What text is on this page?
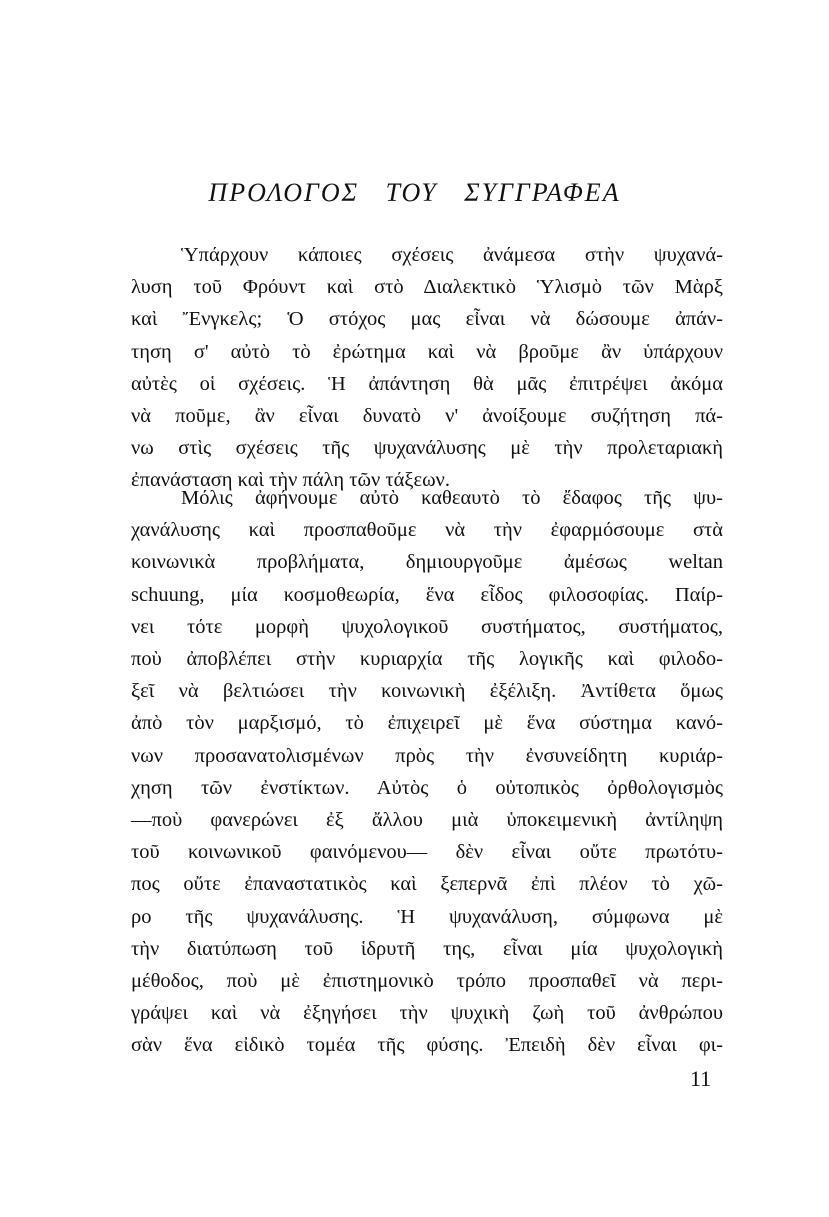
ΠΡΟΛΟΓΟΣ ΤΟΥ ΣΥΓΓΡΑΦΕΑ
Ὑπάρχουν κάποιες σχέσεις ἀνάμεσα στὴν ψυχανά-
λυση τοῦ Φρόυντ καὶ στὸ Διαλεκτικὸ Ὑλισμὸ τῶν Μὰρξ
καὶ Ἔνγκελς; Ὁ στόχος μας εἶναι νὰ δώσουμε ἀπάν-
τηση σ' αὐτὸ τὸ ἐρώτημα καὶ νὰ βροῦμε ἂν ὑπάρχουν
αὐτὲς οἱ σχέσεις. Ἡ ἀπάντηση θὰ μᾶς ἐπιτρέψει ἀκόμα
νὰ ποῦμε, ἂν εἶναι δυνατὸ ν' ἀνοίξουμε συζήτηση πά-
νω στὶς σχέσεις τῆς ψυχανάλυσης μὲ τὴν προλεταριακὴ
ἐπανάσταση καὶ τὴν πάλη τῶν τάξεων.
Μόλις ἀφήνουμε αὐτὸ καθεαυτὸ τὸ ἔδαφος τῆς ψυ-
χανάλυσης καὶ προσπαθοῦμε νὰ τὴν ἐφαρμόσουμε στὰ
κοινωνικὰ προβλήματα, δημιουργοῦμε ἀμέσως weltan
schuung, μία κοσμοθεωρία, ἕνα εἶδος φιλοσοφίας. Παίρ-
νει τότε μορφὴ ψυχολογικοῦ συστήματος, συστήματος,
ποὺ ἀποβλέπει στὴν κυριαρχία τῆς λογικῆς καὶ φιλοδο-
ξεῖ νὰ βελτιώσει τὴν κοινωνικὴ ἐξέλιξη. Ἀντίθετα ὅμως
ἀπὸ τὸν μαρξισμό, τὸ ἐπιχειρεῖ μὲ ἕνα σύστημα κανό-
νων προσανατολισμένων πρὸς τὴν ἐνσυνείδητη κυριάρ-
χηση τῶν ἐνστίκτων. Αὐτὸς ὁ οὐτοπικὸς ὀρθολογισμὸς
—ποὺ φανερώνει ἐξ ἄλλου μιὰ ὑποκειμενικὴ ἀντίληψη
τοῦ κοινωνικοῦ φαινόμενου— δὲν εἶναι οὔτε πρωτότυ-
πος οὔτε ἐπαναστατικὸς καὶ ξεπερνᾶ ἐπὶ πλέον τὸ χῶ-
ρο τῆς ψυχανάλυσης. Ἡ ψυχανάλυση, σύμφωνα μὲ
τὴν διατύπωση τοῦ ἱδρυτῆ της, εἶναι μία ψυχολογικὴ
μέθοδος, ποὺ μὲ ἐπιστημονικὸ τρόπο προσπαθεῖ νὰ περι-
γράψει καὶ νὰ ἐξηγήσει τὴν ψυχικὴ ζωὴ τοῦ ἀνθρώπου
σὰν ἕνα εἰδικὸ τομέα τῆς φύσης. Ἐπειδὴ δὲν εἶναι φι-
11
